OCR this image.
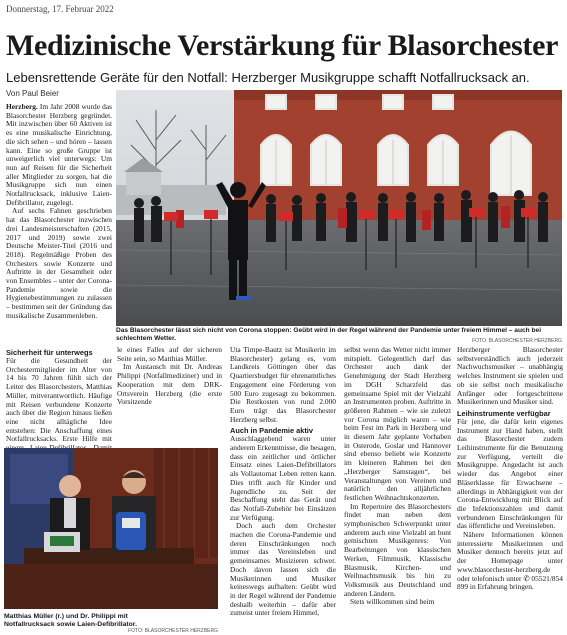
Donnerstag, 17. Februar 2022
Medizinische Verstärkung für Blasorchester
Lebensrettende Geräte für den Notfall: Herzberger Musikgruppe schafft Notfallrucksack an.
Von Paul Beier

Herzberg. Im Jahr 2008 wurde das Blasorchester Herzberg gegründet. Mit inzwischen über 60 Aktiven ist es eine musikalische Einrichtung, die sich sehen – und hören – lassen kann. Eine so große Gruppe ist unweigerlich viel unterwegs: Um nun auf Reisen für die Sicherheit aller Mitglieder zu sorgen, hat die Musikgruppe sich nun einen Notfallrucksack, inklusive Laien-Defibrillator, zugelegt.

Auf sechs Fahnen geschrieben hat das Blasorchester inzwischen drei Landesmeisterschaften (2015, 2017 und 2019) sowie zwei Deutsche Meister-Titel (2016 und 2018). Regelmäßige Proben des Orchesters sowie Konzerte und Auftritte in der Gesamtheit oder von Ensembles – unter der Corona-Pandemie sowie die Hygienebestimmungen zu zulassen – bestimmen seit der Gründung das musikalische Zusammenleben.

Sicherheit für unterwegs

Für die Gesundheit der Orchestermitglieder im Alter von 14 bis 70 Jahren fühlt sich der Leiter des Blasorchesters, Matthias Müller, mitverantwortlich. Häufige mit Reisen verbundene Konzerte auch über die Region hinaus ließen eine nicht alltägliche Idee entstehen: Die Anschaffung eines Notfallrucksacks. Erste Hilfe mit

Das Blasorchester lässt sich nicht von Corona stoppen: Geübt wird in der Regel während der Pandemie unter freiem Himmel – auch bei schlechtem Wetter.	FOTO: BLASORCHESTER HERZBERG

le eines Falles auf der sicheren Seite sein, so Matthias Müller.

Im Austausch mit Dr. Andreas Philippi (Notfallmediziner) und in Kooperation mit dem DRK-Ortsverein Herzberg (die erste Vorsitzende

Matthias Müller (r.) und Dr. Philippi mit Notfallrucksack sowie Laien-Defibrillator.
FOTO: BLASORCHESTER HERZBERG

Uta Timpe-Bautz ist Musikerin im Blasorchester) gelang es, vom Landkreis Göttingen über das Quartiersbudget für ehrenamtliches Engagement eine Förderung von 500 Euro zugesagt zu bekommen. Die Restkosten von rund 2.000 Euro trägt das Blasorchester Herzberg selbst.

Auch in Pandemie aktiv

Ausschlaggebend waren unter anderem Erkenntnisse, die besagen, dass ein zeitlicher und örtlicher Einsatz eines Laien-Defibrillators als Vollautomat Leben retten kann. Dies trifft auch für Kinder und Jugendliche zu. Seit der Beschaffung steht das Gerät und das Notfall-Zubehör bei Einsätzen zur Verfügung.

Doch auch dem Orchester machen die Corona-Pandemie und deren Einschränkungen noch immer das Vereinsleben und gemeinsames Musizieren schwer. Doch davon lassen sich die Musikerinnen und Musiker keineswegs aufhalten: Geübt wird in der Regel während der Pandemie deshalb weiterhin – dafür aber zumeist unter freiem Himmel,

selbst wenn das Wetter nicht immer mitspielt. Gelegentlich darf das Orchester auch dank der Genehmigung der Stadt Herzberg im DGH Scharzfeld das gemeinsame Spiel mit der Vielzahl an Instrumenten proben. Auftritte in größeren Rahmen – wie sie zuletzt vor Corona möglich waren – wie beim Fest im Park in Herzberg und in diesem Jahr geplante Vorhaben in Osterode, Goslar und Hannover sind ebenso beliebt wie Konzerte im kleineren Rahmen bei den „Herzberger Samstagen“, bei Veranstaltungen von Vereinen und natürlich den alljährlichen festlichen Weihnachtskonzerten.

Im Repertoire des Blasorchesters findet man neben dem symphonischen Schwerpunkt unter anderem auch eine Vielzahl an bunt gemischten Musikgenres: Von Bearbeitungen von klassischen Werken, Filmmusik, Klassische Blasmusik, Kirchen- und Weihnachtsmusik bis hin zu Volksmusik aus Deutschland und anderen Ländern.

Stets willkommen sind beim

Herzberger Blasorchester selbstverständlich auch jederzeit Nachwuchsmusiker – unabhängig welches Instrument sie spielen und ob sie selbst noch musikalische Anfänger oder fortgeschrittene Musikerinnen und Musiker sind.

Leihinstrumente verfügbar

Für jene, die dafür kein eigenes Instrument zur Hand haben, stellt das Blasorchester zudem Leihinstrumente für die Benutzung zur Verfügung, verteilt die Musikgruppe. Angedacht ist auch wieder das Angebot einer Bläserklasse für Erwachsene – allerdings in Abhängigkeit von der Corona-Entwicklung mit Blick auf die Infektionszahlen und damit verbundenen Einschränkungen für das öffentliche und Vereinsleben.

Nähere Informationen können interessierte Musikerinnen und Musiker dennoch bereits jetzt auf der Homepage unter www.blasorchester-herzberg.de oder telefonisch unter ✆ 05521/854 899 in Erfahrung bringen.
